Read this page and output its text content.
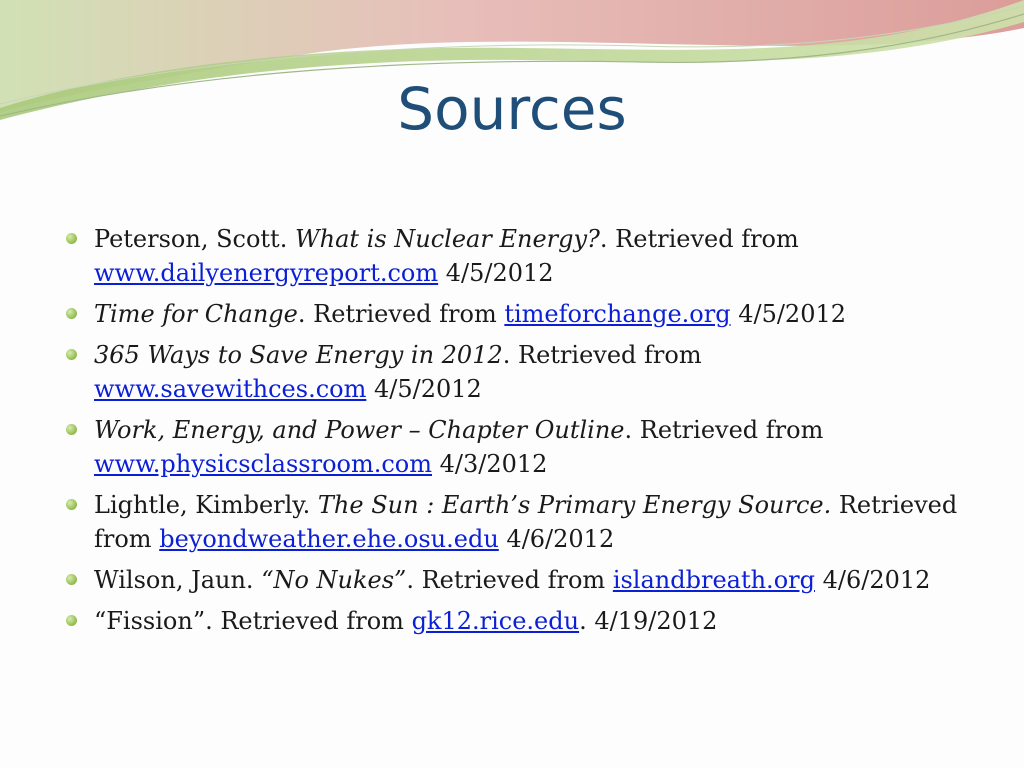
Sources
Peterson, Scott. What is Nuclear Energy?. Retrieved from www.dailyenergyreport.com 4/5/2012
Time for Change. Retrieved from timeforchange.org 4/5/2012
365 Ways to Save Energy in 2012. Retrieved from www.savewithces.com 4/5/2012
Work, Energy, and Power – Chapter Outline. Retrieved from www.physicsclassroom.com 4/3/2012
Lightle, Kimberly. The Sun : Earth’s Primary Energy Source. Retrieved from beyondweather.ehe.osu.edu 4/6/2012
Wilson, Jaun. “No Nukes”. Retrieved from islandbreath.org 4/6/2012
“Fission”. Retrieved from gk12.rice.edu. 4/19/2012
